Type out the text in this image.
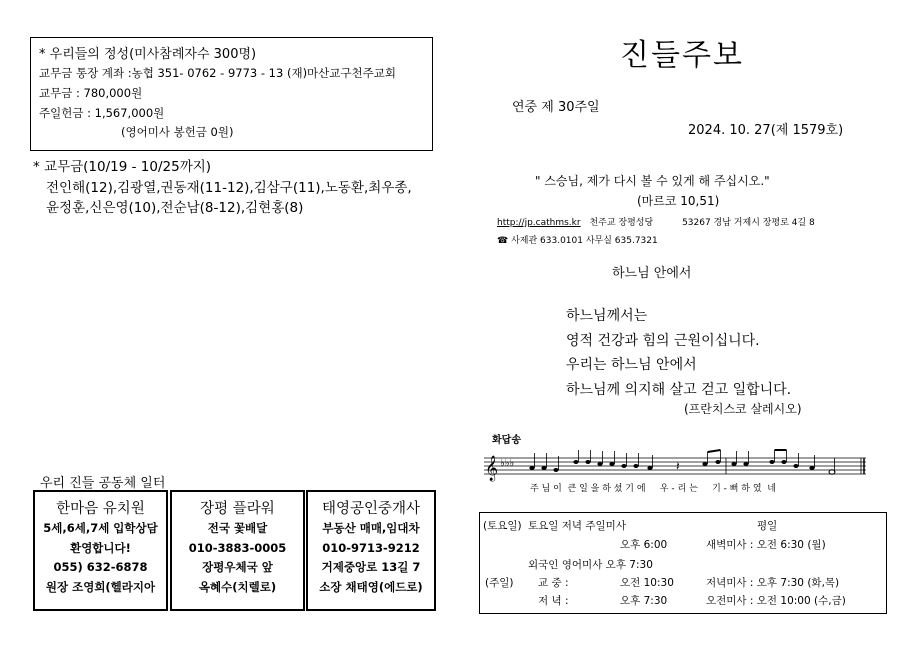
* 우리들의 정성(미사참례자수 300명)
교무금 통장 계좌 :농협 351- 0762 - 9773 - 13 (재)마산교구천주교회
교무금 : 780,000원
주일헌금 : 1,567,000원
(영어미사 봉헌금 0원)
* 교무금(10/19 - 10/25까지)
전인해(12),김광열,권동재(11-12),김삼구(11),노동환,최우종,
윤정훈,신은영(10),전순남(8-12),김현홍(8)
우리 진들 공동체 일터
한마음 유치원
5세,6세,7세 입학상담
환영합니다!
055) 632-6878
원장 조영희(헬라지아
장평 플라워
전국 꽃배달
010-3883-0005
장평우체국 앞
옥혜수(치렐로)
태영공인중개사
부동산 매매,임대차
010-9713-9212
거제중앙로 13길 7
소장 채태영(에드로)
진들주보
연중 제 30주일
2024. 10. 27(제 1579호)
" 스승님, 제가 다시 볼 수 있게 해 주십시오."
(마르코 10,51)
http://jp.cathms.kr 천주교 장평성당	53267 경남 거제시 장평로 4길 8
☎ 사제관 633.0101 사무실 635.7321
하느님 안에서
하느님께서는
영적 건강과 힘의 근원이십니다.
우리는 하느님 안에서
하느님께 의지해 살고 걷고 일합니다.
(프란치스코 살레시오)
화답송
𝄞 ♭♭♭	𝄽
주 님 이  큰 일 을 하 셨 기 에     우 - 리 는     기 - 뻐 하 였  네
(토요일) 토요일 저녁 주일미사	평일
오후 6:00	새벽미사 : 오전 6:30 (월)
외국인 영어미사 오후 7:30
(주일) 교 중 :	오전 10:30	저녁미사 : 오후 7:30 (화,목)
저 녁 :	오후 7:30	오전미사 : 오전 10:00 (수,금)
